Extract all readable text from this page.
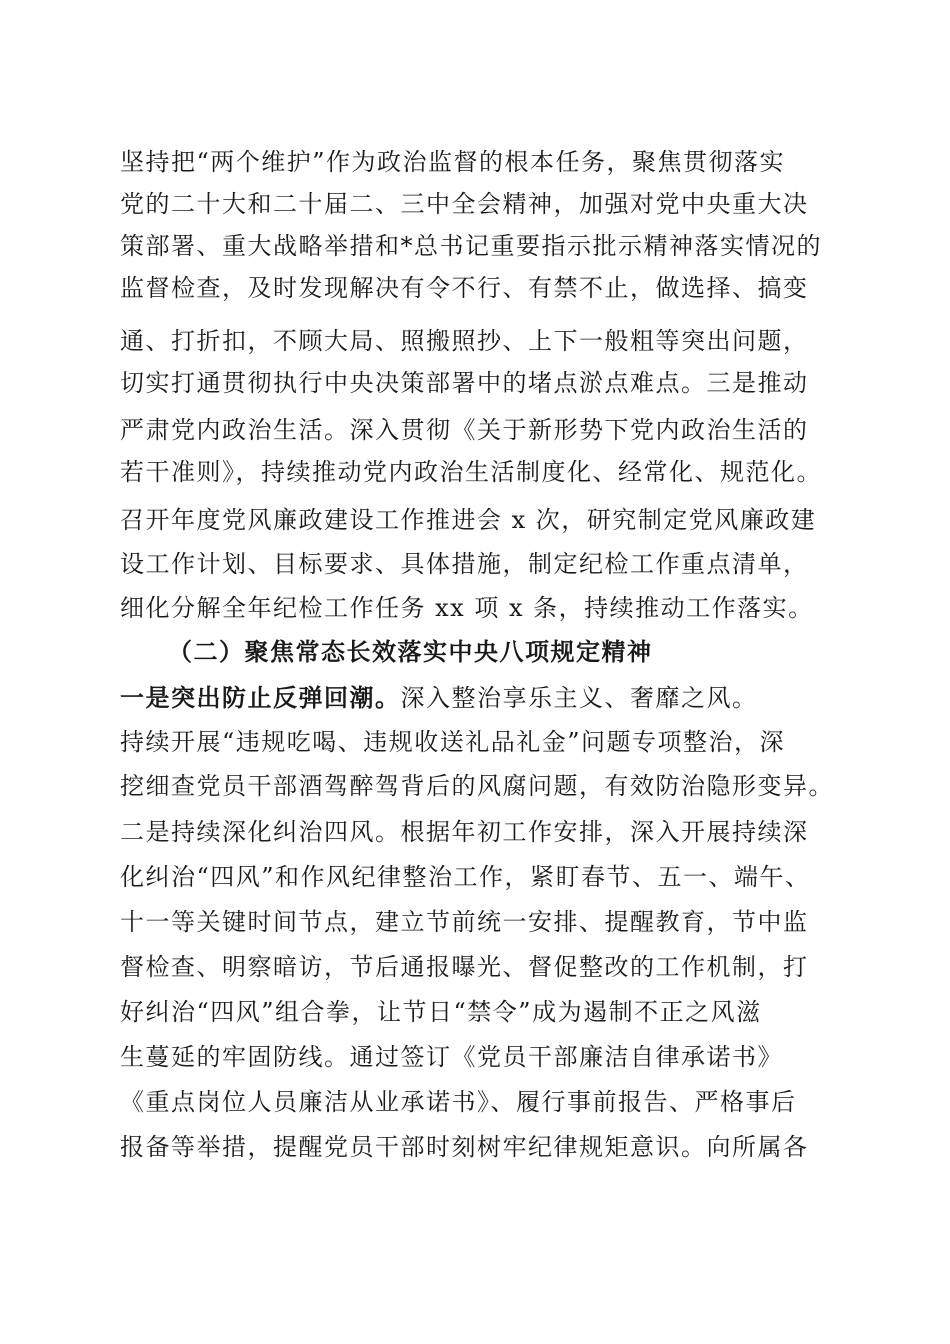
坚持把“两个维护”作为政治监督的根本任务，聚焦贯彻落实
党的二十大和二十届二、三中全会精神，加强对党中央重大决
策部署、重大战略举措和*总书记重要指示批示精神落实情况的
监督检查，及时发现解决有令不行、有禁不止，做选择、搞变
通、打折扣，不顾大局、照搬照抄、上下一般粗等突出问题，
切实打通贯彻执行中央决策部署中的堵点淤点难点。三是推动
严肃党内政治生活。深入贯彻《关于新形势下党内政治生活的
若干准则》，持续推动党内政治生活制度化、经常化、规范化。
召开年度党风廉政建设工作推进会 x 次，研究制定党风廉政建
设工作计划、目标要求、具体措施，制定纪检工作重点清单，
细化分解全年纪检工作任务 xx 项 x 条，持续推动工作落实。
（二）聚焦常态长效落实中央八项规定精神
一是突出防止反弹回潮。深入整治享乐主义、奢靡之风。
持续开展“违规吃喝、违规收送礼品礼金”问题专项整治，深
挖细查党员干部酒驾醉驾背后的风腐问题，有效防治隐形变异。
二是持续深化纠治四风。根据年初工作安排，深入开展持续深
化纠治“四风”和作风纪律整治工作，紧盯春节、五一、端午、
十一等关键时间节点，建立节前统一安排、提醒教育，节中监
督检查、明察暗访，节后通报曝光、督促整改的工作机制，打
好纠治“四风”组合拳，让节日“禁令”成为遏制不正之风滋
生蔓延的牢固防线。通过签订《党员干部廉洁自律承诺书》
《重点岗位人员廉洁从业承诺书》、履行事前报告、严格事后
报备等举措，提醒党员干部时刻树牢纪律规矩意识。向所属各
